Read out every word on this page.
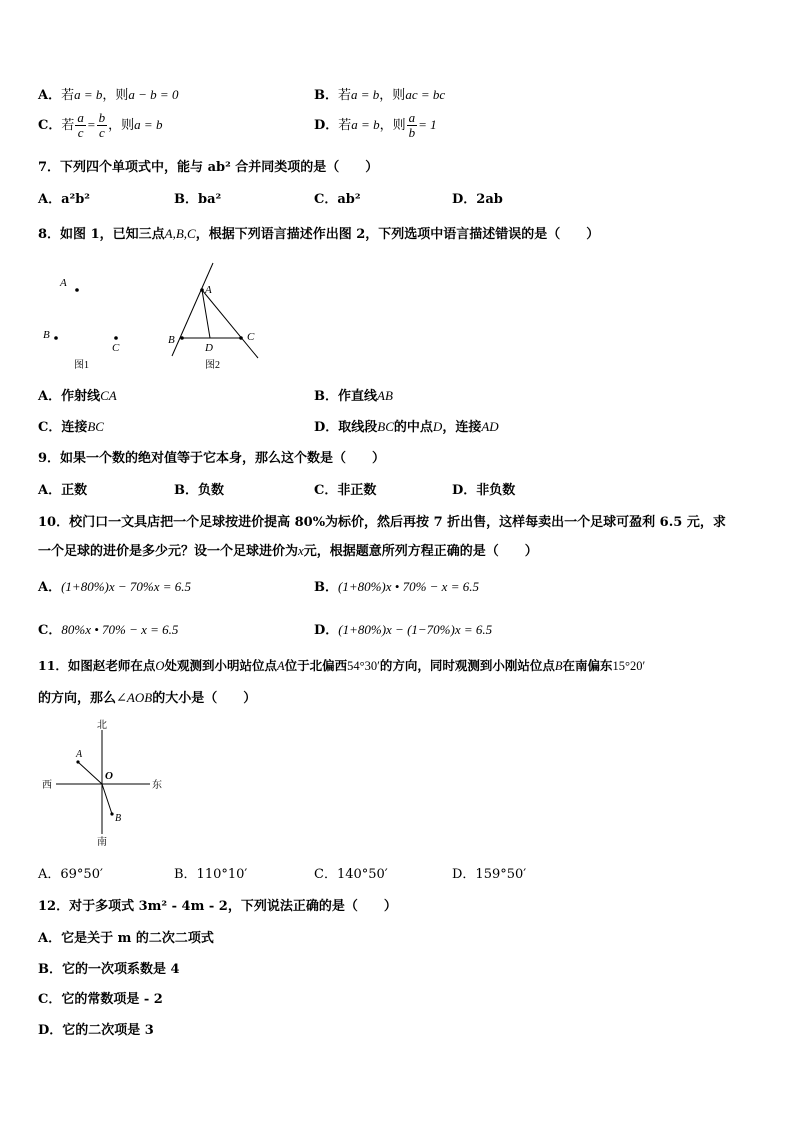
A．若a = b，则a − b = 0	B．若a = b，则ac = bc
C．若 $\frac{a}{c} = \frac{b}{c}$ ，则a = b	D．若a = b，则 $\frac{a}{b} = 1$
7．下列四个单项式中，能与 ab² 合并同类项的是（　　）
A．a²b²	B．ba²	C．ab²	D．2ab
8．如图 1，已知三点A,B,C，根据下列语言描述作出图 2，下列选项中语言描述错误的是（　　）
A
B
C
图1
A
B	C
D
图2
A．作射线CA	B．作直线AB
C．连接BC	D．取线段BC的中点D，连接AD
9．如果一个数的绝对值等于它本身，那么这个数是（　　）
A．正数	B．负数	C．非正数	D．非负数
10．校门口一文具店把一个足球按进价提高 80%为标价，然后再按 7 折出售，这样每卖出一个足球可盈利 6.5 元，求
一个足球的进价是多少元？设一个足球进价为x元，根据题意所列方程正确的是（　　）
A．(1+80%)x − 70%x = 6.5	B．(1+80%)x • 70% − x = 6.5
C．80%x • 70% − x = 6.5	D．(1+80%)x − (1−70%)x = 6.5
11．如图赵老师在点O处观测到小明站位点A位于北偏西54°30′的方向，同时观测到小刚站位点B在南偏东15°20′
的方向，那么∠AOB的大小是（　　）
北
南
西	东
O
A
B
A．69°50′	B．110°10′	C．140°50′	D．159°50′
12．对于多项式 3m² - 4m - 2，下列说法正确的是（　　）
A．它是关于 m 的二次二项式
B．它的一次项系数是 4
C．它的常数项是 - 2
D．它的二次项是 3
